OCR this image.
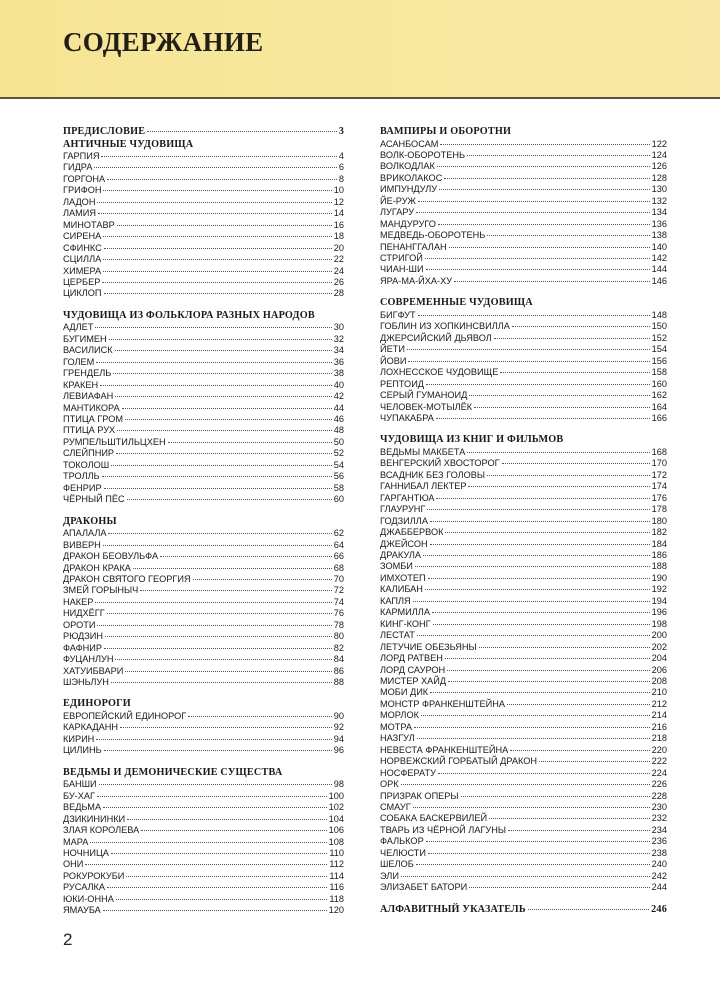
СОДЕРЖАНИЕ
ПРЕДИСЛОВИЕ	3
АНТИЧНЫЕ ЧУДОВИЩА
ГАРПИЯ	4
ГИДРА	6
ГОРГОНА	8
ГРИФОН	10
ЛАДОН	12
ЛАМИЯ	14
МИНОТАВР	16
СИРЕНА	18
СФИНКС	20
СЦИЛЛА	22
ХИМЕРА	24
ЦЕРБЕР	26
ЦИКЛОП	28
ЧУДОВИЩА ИЗ ФОЛЬКЛОРА РАЗНЫХ НАРОДОВ
АДЛЕТ	30
БУГИМЕН	32
ВАСИЛИСК	34
ГОЛЕМ	36
ГРЕНДЕЛЬ	38
КРАКЕН	40
ЛЕВИАФАН	42
МАНТИКОРА	44
ПТИЦА ГРОМ	46
ПТИЦА РУХ	48
РУМПЕЛЬШТИЛЬЦХЕН	50
СЛЕЙПНИР	52
ТОКОЛОШ	54
ТРОЛЛЬ	56
ФЕНРИР	58
ЧЁРНЫЙ ПЁС	60
ДРАКОНЫ
АПАЛАЛА	62
ВИВЕРН	64
ДРАКОН БЕОВУЛЬФА	66
ДРАКОН КРАКА	68
ДРАКОН СВЯТОГО ГЕОРГИЯ	70
ЗМЕЙ ГОРЫНЫЧ	72
НАКЕР	74
НИДХЁГГ	76
ОРОТИ	78
РЮДЗИН	80
ФАФНИР	82
ФУЦАНЛУН	84
ХАТУИБВАРИ	86
ШЭНЬЛУН	88
ЕДИНОРОГИ
ЕВРОПЕЙСКИЙ ЕДИНОРОГ	90
КАРКАДАНН	92
КИРИН	94
ЦИЛИНЬ	96
ВЕДЬМЫ И ДЕМОНИЧЕСКИЕ СУЩЕСТВА
БАНШИ	98
БУ-ХАГ	100
ВЕДЬМА	102
ДЗИКИНИНКИ	104
ЗЛАЯ КОРОЛЕВА	106
МАРА	108
НОЧНИЦА	110
ОНИ	112
РОКУРОКУБИ	114
РУСАЛКА	116
ЮКИ-ОННА	118
ЯМАУБА	120
ВАМПИРЫ И ОБОРОТНИ
АСАНБОСАМ	122
ВОЛК-ОБОРОТЕНЬ	124
ВОЛКОДЛАК	126
ВРИКОЛАКОС	128
ИМПУНДУЛУ	130
ЙЕ-РУЖ	132
ЛУГАРУ	134
МАНДУРУГО	136
МЕДВЕДЬ-ОБОРОТЕНЬ	138
ПЕНАНГГАЛАН	140
СТРИГОЙ	142
ЧИАН-ШИ	144
ЯРА-МА-ЙХА-ХУ	146
СОВРЕМЕННЫЕ ЧУДОВИЩА
БИГФУТ	148
ГОБЛИН ИЗ ХОПКИНСВИЛЛА	150
ДЖЕРСИЙСКИЙ ДЬЯВОЛ	152
ЙЕТИ	154
ЙОВИ	156
ЛОХНЕССКОЕ ЧУДОВИЩЕ	158
РЕПТОИД	160
СЕРЫЙ ГУМАНОИД	162
ЧЕЛОВЕК-МОТЫЛЁК	164
ЧУПАКАБРА	166
ЧУДОВИЩА ИЗ КНИГ И ФИЛЬМОВ
ВЕДЬМЫ МАКБЕТА	168
ВЕНГЕРСКИЙ ХВОСТОРОГ	170
ВСАДНИК БЕЗ ГОЛОВЫ	172
ГАННИБАЛ ЛЕКТЕР	174
ГАРГАНТЮА	176
ГЛАУРУНГ	178
ГОДЗИЛЛА	180
ДЖАББЕРВОК	182
ДЖЕЙСОН	184
ДРАКУЛА	186
ЗОМБИ	188
ИМХОТЕП	190
КАЛИБАН	192
КАПЛЯ	194
КАРМИЛЛА	196
КИНГ-КОНГ	198
ЛЕСТАТ	200
ЛЕТУЧИЕ ОБЕЗЬЯНЫ	202
ЛОРД РАТВЕН	204
ЛОРД САУРОН	206
МИСТЕР ХАЙД	208
МОБИ ДИК	210
МОНСТР ФРАНКЕНШТЕЙНА	212
МОРЛОК	214
МОТРА	216
НАЗГУЛ	218
НЕВЕСТА ФРАНКЕНШТЕЙНА	220
НОРВЕЖСКИЙ ГОРБАТЫЙ ДРАКОН	222
НОСФЕРАТУ	224
ОРК	226
ПРИЗРАК ОПЕРЫ	228
СМАУГ	230
СОБАКА БАСКЕРВИЛЕЙ	232
ТВАРЬ ИЗ ЧЁРНОЙ ЛАГУНЫ	234
ФАЛЬКОР	236
ЧЕЛЮСТИ	238
ШЕЛОБ	240
ЭЛИ	242
ЭЛИЗАБЕТ БАТОРИ	244
АЛФАВИТНЫЙ УКАЗАТЕЛЬ	246
2
